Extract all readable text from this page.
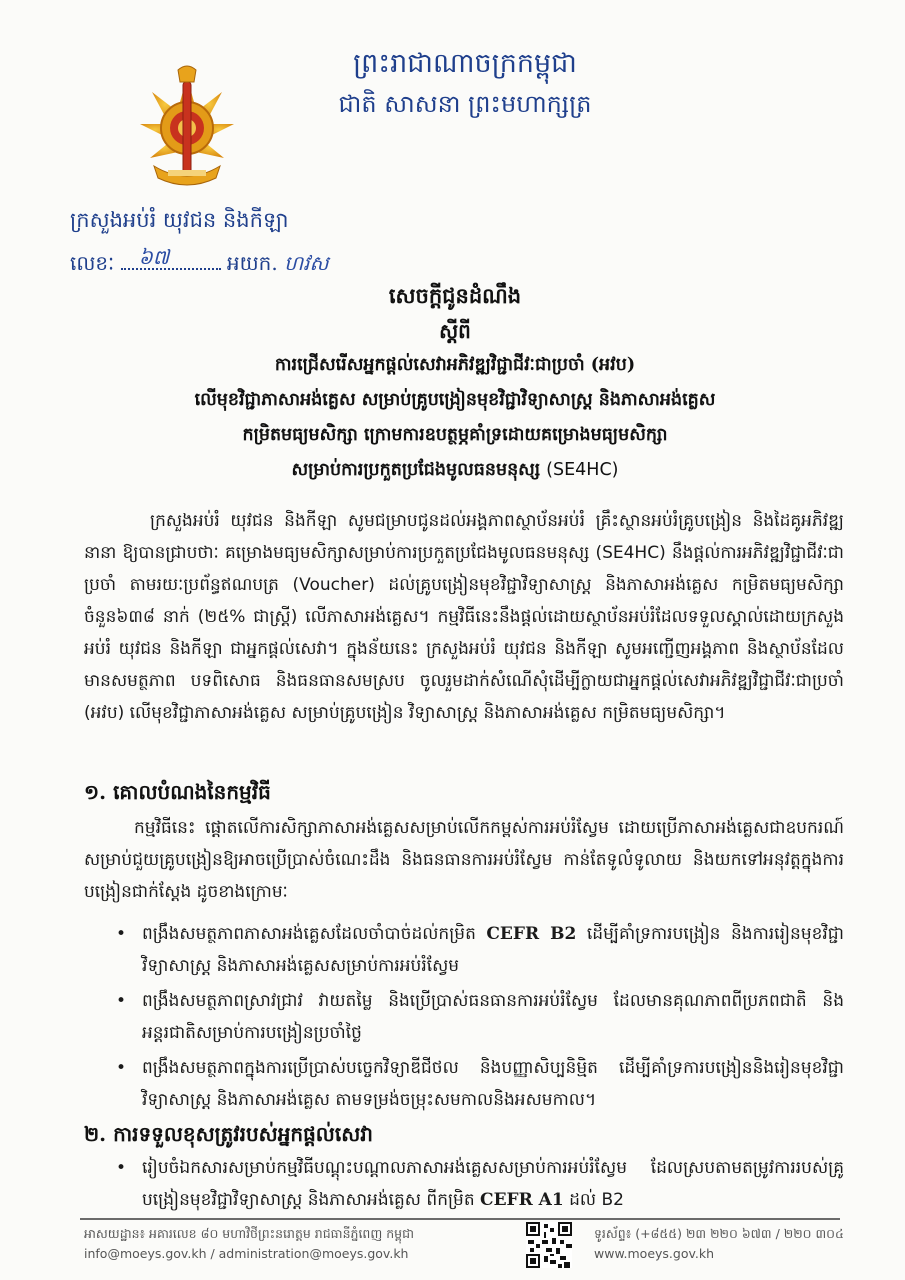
ព្រះរាជាណាចក្រកម្ពុជា
ជាតិ សាសនា ព្រះមហាក្សត្រ
ក្រសួងអប់រំ យុវជន និងកីឡា
លេខៈ ៦៧	អយក. ហវស
សេចក្តីជូនដំណឹង
ស្តីពី
ការជ្រើសរើសអ្នកផ្តល់សេវាអភិវឌ្ឍវិជ្ជាជីវៈជាប្រចាំ (អវប)
លើមុខវិជ្ជាភាសាអង់គ្លេស សម្រាប់គ្រូបង្រៀនមុខវិជ្ជាវិទ្យាសាស្ត្រ និងភាសាអង់គ្លេស
កម្រិតមធ្យមសិក្សា ក្រោមការឧបត្ថម្ភគាំទ្រដោយគម្រោងមធ្យមសិក្សា
សម្រាប់ការប្រកួតប្រជែងមូលធនមនុស្ស (SE4HC)
ក្រសួងអប់រំ យុវជន និងកីឡា សូមជម្រាបជូនដល់អង្គភាពស្ថាប័នអប់រំ គ្រឹះស្ថានអប់រំគ្រូបង្រៀន និងដៃគូអភិវឌ្ឍនានា ឱ្យបានជ្រាបថាៈ គម្រោងមធ្យមសិក្សាសម្រាប់ការប្រកួតប្រជែងមូលធនមនុស្ស (SE4HC) នឹងផ្តល់ការអភិវឌ្ឍវិជ្ជាជីវៈជាប្រចាំ តាមរយៈប្រព័ន្ធឥណបត្រ (Voucher) ដល់គ្រូបង្រៀនមុខវិជ្ជាវិទ្យាសាស្ត្រ និងភាសាអង់គ្លេស កម្រិតមធ្យមសិក្សា ចំនួន៦៣៨ នាក់ (២៥% ជាស្ត្រី) លើភាសាអង់គ្លេស។ កម្មវិធីនេះនឹងផ្តល់ដោយស្ថាប័នអប់រំដែលទទួលស្គាល់ដោយក្រសួងអប់រំ យុវជន និងកីឡា ជាអ្នកផ្តល់សេវា។ ក្នុងន័យនេះ ក្រសួងអប់រំ យុវជន និងកីឡា សូមអញ្ជើញអង្គភាព និងស្ថាប័នដែលមានសមត្ថភាព បទពិសោធ និងធនធានសមស្រប ចូលរួមដាក់សំណើសុំដើម្បីក្លាយជាអ្នកផ្តល់សេវាអភិវឌ្ឍវិជ្ជាជីវៈជាប្រចាំ (អវប) លើមុខវិជ្ជាភាសាអង់គ្លេស សម្រាប់គ្រូបង្រៀន វិទ្យាសាស្ត្រ និងភាសាអង់គ្លេស កម្រិតមធ្យមសិក្សា។
១. គោលបំណងនៃកម្មវិធី
កម្មវិធីនេះ ផ្តោតលើការសិក្សាភាសាអង់គ្លេសសម្រាប់លើកកម្ពស់ការអប់រំស្វែម ដោយប្រើភាសាអង់គ្លេសជាឧបករណ៍សម្រាប់ជួយគ្រូបង្រៀនឱ្យអាចប្រើប្រាស់ចំណេះដឹង និងធនធានការអប់រំស្វែម កាន់តែទូលំទូលាយ និងយកទៅអនុវត្តក្នុងការបង្រៀនជាក់ស្តែង ដូចខាងក្រោមៈ
• ពង្រឹងសមត្ថភាពភាសាអង់គ្លេសដែលចាំបាច់ដល់កម្រិត CEFR B2 ដើម្បីគាំទ្រការបង្រៀន និងការរៀនមុខវិជ្ជាវិទ្យាសាស្ត្រ និងភាសាអង់គ្លេសសម្រាប់ការអប់រំស្វែម
• ពង្រឹងសមត្ថភាពស្រាវជ្រាវ វាយតម្លៃ និងប្រើប្រាស់ធនធានការអប់រំស្វែម ដែលមានគុណភាពពីប្រភពជាតិ និងអន្តរជាតិសម្រាប់ការបង្រៀនប្រចាំថ្ងៃ
• ពង្រឹងសមត្ថភាពក្នុងការប្រើប្រាស់បច្ចេកវិទ្យាឌីជីថល និងបញ្ញាសិប្បនិម្មិត ដើម្បីគាំទ្រការបង្រៀននិងរៀនមុខវិជ្ជាវិទ្យាសាស្ត្រ និងភាសាអង់គ្លេស តាមទម្រង់ចម្រុះសមកាលនិងអសមកាល។
២. ការទទួលខុសត្រូវរបស់អ្នកផ្តល់សេវា
• រៀបចំឯកសារសម្រាប់កម្មវិធីបណ្តុះបណ្តាលភាសាអង់គ្លេសសម្រាប់ការអប់រំស្វែម ដែលស្របតាមតម្រូវការរបស់គ្រូបង្រៀនមុខវិជ្ជាវិទ្យាសាស្ត្រ និងភាសាអង់គ្លេស ពីកម្រិត CEFR A1 ដល់ B2
អាសយដ្ឋាន៖ អគារលេខ ៨០ មហាវិថីព្រះនរោត្តម រាជធានីភ្នំពេញ កម្ពុជា
info@moeys.gov.kh / administration@moeys.gov.kh
ទូរស័ព្ទ៖ (+៨៥៥) ២៣ ២២០ ៦៧៣ / ២២០ ៣០៤
www.moeys.gov.kh
